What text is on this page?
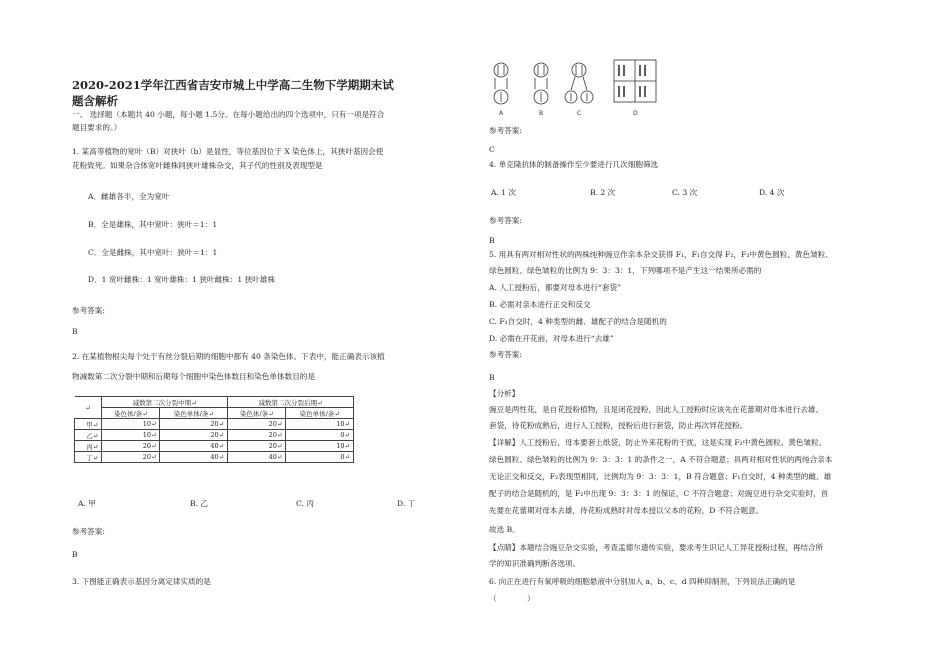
2020-2021学年江西省吉安市城上中学高二生物下学期期末试
题含解析
一、 选择题（本题共 40 小题，每小题 1.5分。在每小题给出的四个选项中，只有一项是符合
题目要求的。）
1. 某高等植物的宽叶（B）对狭叶（b）是显性，等位基因位于 X 染色体上，其狭叶基因会使
花粉致死。如果杂合体宽叶雌株同狭叶雄株杂交，其子代的性别及表现型是
A．雌雄各半，全为宽叶
B．全是雄株，其中宽叶：狭叶＝1：1
C．全是雌株，其中宽叶：狭叶＝1：1
D．1 宽叶雌株：1 宽叶雄株：1 狭叶雌株：1 狭叶雄株
参考答案:
B
2. 在某植物根尖每个处于有丝分裂后期的细胞中都有 40 条染色体。下表中，能正确表示该植
物减数第二次分裂中期和后期每个细胞中染色体数目和染色单体数目的是
↵	减数第二次分裂中期↵		减数第二次分裂后期↵	
	染色体/条↵	染色单体/条↵	染色体/条↵	染色单体/条↵
甲↵	10↵	20↵	20↵	10↵
乙↵	10↵	20↵	20↵	0↵
丙↵	20↵	40↵	20↵	10↵
丁↵	20↵	40↵	40↵	0↵
A. 甲	B. 乙	C. 丙	D. 丁
参考答案:
B
3. 下图能正确表示基因分离定律实质的是
A	B	C	D
参考答案:
C
4. 单克隆抗体的制备操作至少要进行几次细胞筛选
A. 1 次	B. 2 次	C. 3 次	D. 4 次
参考答案:
B
5. 用具有两对相对性状的两株纯种豌豆作亲本杂交获得 F₁，F₁自交得 F₂，F₂中黄色圆粒、黄色皱粒、
绿色圆粒、绿色皱粒的比例为 9：3：3：1，下列哪项不是产生这一结果所必需的
A. 人工授粉后，都要对母本进行“套袋”
B. 必需对亲本进行正交和反交
C. F₁自交时，4 种类型的雌、雄配子的结合是随机的
D. 必需在开花前，对母本进行“去雄”
参考答案:
B
【分析】
豌豆是两性花，是自花授粉植物，且是闭花授粉，因此人工授粉时应该先在花蕾期对母本进行去雄、
套袋，待花粉成熟后，进行人工授粉，授粉后进行套袋，防止再次异花授粉。
【详解】人工授粉后，母本要套上纸袋，防止外来花粉的干扰，这是实现 F₂中黄色圆粒、黄色皱粒、
绿色圆粒、绿色皱粒的比例为 9：3：3：1 的条件之一，A 不符合题意；具两对相对性状的两纯合亲本
无论正交和反交，F₂表现型相同，比例均为 9：3：3：1，B 符合题意；F₁自交时，4 种类型的雌、雄
配子的结合是随机的，是 F₂中出现 9：3：3：1 的保证，C 不符合题意；对豌豆进行杂交实验时，首
先要在花蕾期对母本去雄，待花粉成熟时对母本授以父本的花粉，D 不符合题意。
故选 B。
【点睛】本题结合豌豆杂交实验，考查孟德尔遗传实验，要求考生识记人工异花授粉过程，再结合所
学的知识准确判断各选项。
6. 向正在进行有氧呼吸的细胞悬液中分别加入 a、b、c、d 四种抑制剂，下列说法正确的是
（　　　　）
